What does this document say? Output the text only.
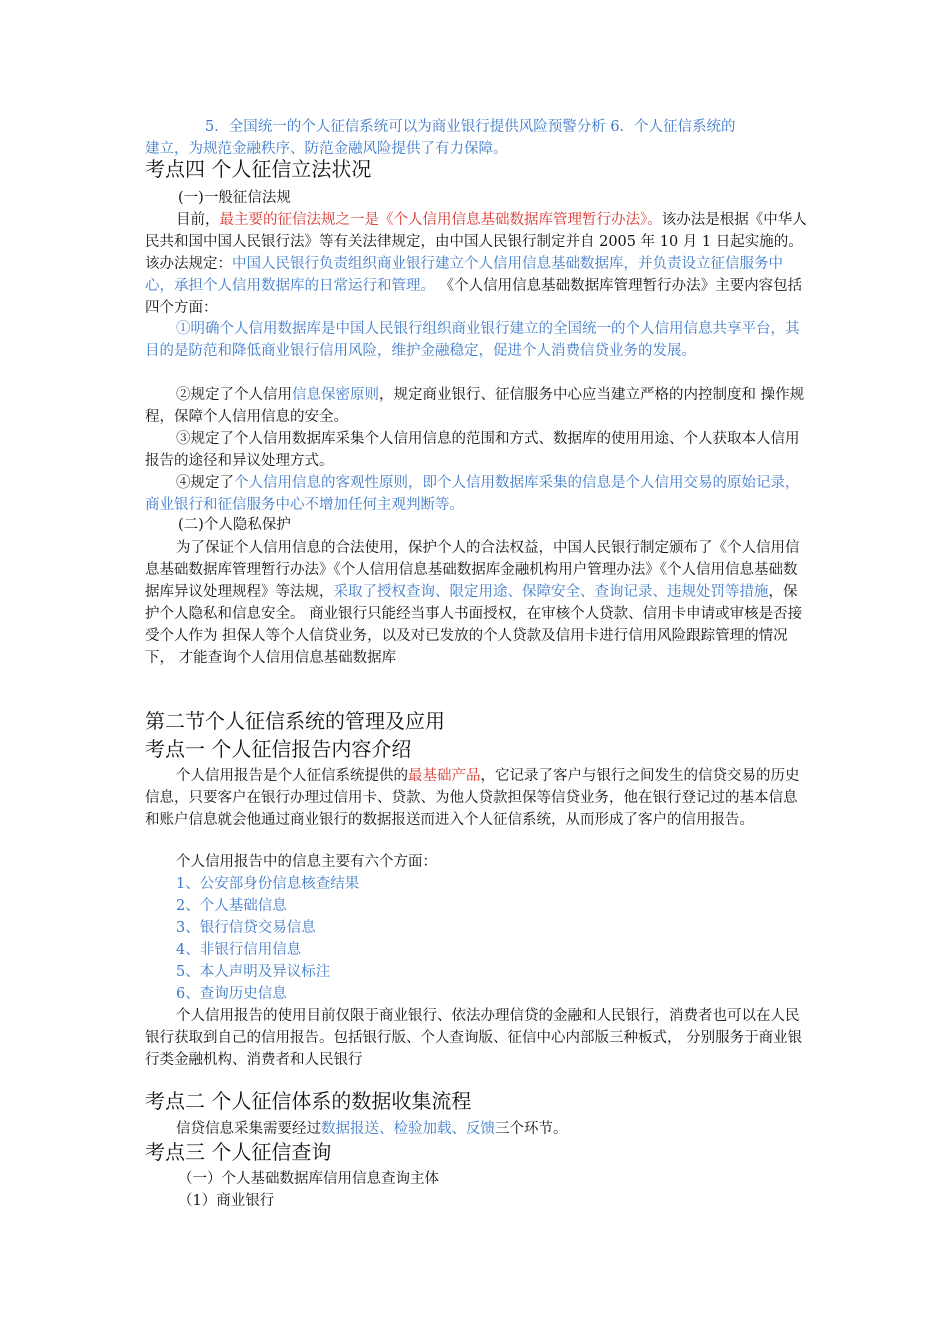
5．全国统一的个人征信系统可以为商业银行提供风险预警分析 6．个人征信系统的
建立，为规范金融秩序、防范金融风险提供了有力保障。
考点四 个人征信立法状况
(一)一般征信法规
目前，最主要的征信法规之一是《个人信用信息基础数据库管理暂行办法》。该办法是根据《中华人民共和国中国人民银行法》等有关法律规定，由中国人民银行制定并自 2005 年 10 月 1 日起实施的。该办法规定：中国人民银行负责组织商业银行建立个人信用信息基础数据库，并负责设立征信服务中心，承担个人信用数据库的日常运行和管理。 《个人信用信息基础数据库管理暂行办法》主要内容包括四个方面：
①明确个人信用数据库是中国人民银行组织商业银行建立的全国统一的个人信用信息共享平台，其目的是防范和降低商业银行信用风险，维护金融稳定，促进个人消费信贷业务的发展。
②规定了个人信用信息保密原则，规定商业银行、征信服务中心应当建立严格的内控制度和 操作规程，保障个人信用信息的安全。
③规定了个人信用数据库采集个人信用信息的范围和方式、数据库的使用用途、个人获取本人信用报告的途径和异议处理方式。
④规定了个人信用信息的客观性原则，即个人信用数据库采集的信息是个人信用交易的原始记录，商业银行和征信服务中心不增加任何主观判断等。
(二)个人隐私保护
为了保证个人信用信息的合法使用，保护个人的合法权益，中国人民银行制定颁布了《个人信用信息基础数据库管理暂行办法》《个人信用信息基础数据库金融机构用户管理办法》《个人信用信息基础数据库异议处理规程》等法规，采取了授权查询、限定用途、保障安全、查询记录、违规处罚等措施，保护个人隐私和信息安全。 商业银行只能经当事人书面授权，在审核个人贷款、信用卡申请或审核是否接受个人作为 担保人等个人信贷业务，以及对已发放的个人贷款及信用卡进行信用风险跟踪管理的情况下， 才能查询个人信用信息基础数据库
第二节个人征信系统的管理及应用
考点一 个人征信报告内容介绍
个人信用报告是个人征信系统提供的最基础产品，它记录了客户与银行之间发生的信贷交易的历史信息，只要客户在银行办理过信用卡、贷款、为他人贷款担保等信贷业务，他在银行登记过的基本信息和账户信息就会他通过商业银行的数据报送而进入个人征信系统，从而形成了客户的信用报告。
个人信用报告中的信息主要有六个方面：
1、公安部身份信息核查结果
2、个人基础信息
3、银行信贷交易信息
4、非银行信用信息
5、本人声明及异议标注
6、查询历史信息
个人信用报告的使用目前仅限于商业银行、依法办理信贷的金融和人民银行，消费者也可以在人民银行获取到自己的信用报告。包括银行版、个人查询版、征信中心内部版三种板式， 分别服务于商业银行类金融机构、消费者和人民银行
考点二 个人征信体系的数据收集流程
信贷信息采集需要经过数据报送、检验加载、反馈三个环节。
考点三 个人征信查询
（一）个人基础数据库信用信息查询主体
（1）商业银行
